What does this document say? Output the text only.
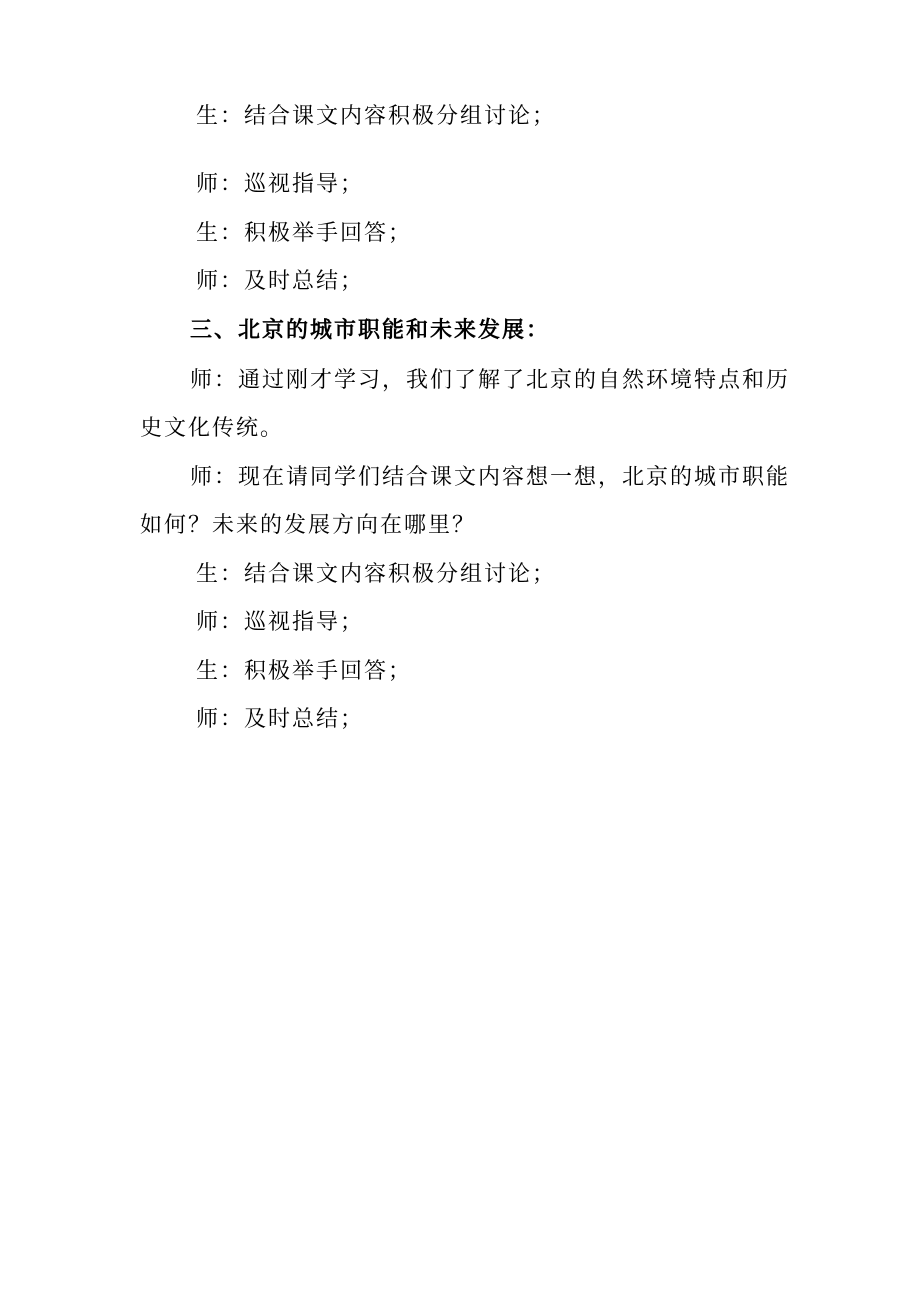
生：结合课文内容积极分组讨论；
师：巡视指导；
生：积极举手回答；
师：及时总结；
三、北京的城市职能和未来发展：
师：通过刚才学习，我们了解了北京的自然环境特点和历
史文化传统。
师：现在请同学们结合课文内容想一想，北京的城市职能
如何？未来的发展方向在哪里？
生：结合课文内容积极分组讨论；
师：巡视指导；
生：积极举手回答；
师：及时总结；
